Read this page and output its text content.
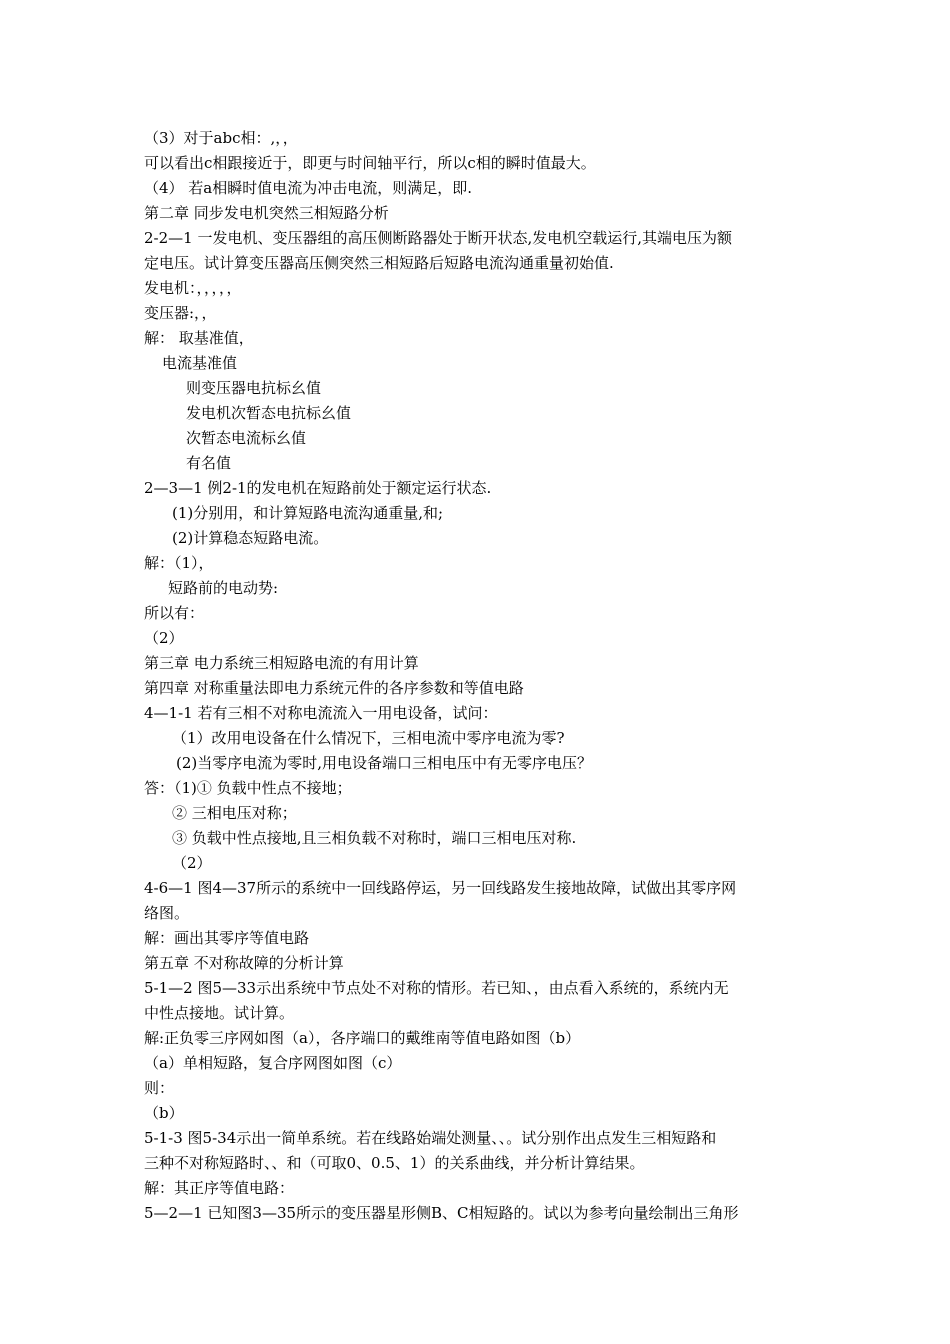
（3）对于abc相：,，，
可以看出c相跟接近于，即更与时间轴平行，所以c相的瞬时值最大。
（4） 若a相瞬时值电流为冲击电流，则满足，即.
第二章 同步发电机突然三相短路分析
2-2—1 一发电机、变压器组的高压侧断路器处于断开状态,发电机空载运行,其端电压为额
定电压。试计算变压器高压侧突然三相短路后短路电流沟通重量初始值.
发电机：，，，，，
变压器:，，
解： 取基准值，
电流基准值
则变压器电抗标幺值
发电机次暂态电抗标幺值
次暂态电流标幺值
有名值
2—3—1 例2-1的发电机在短路前处于额定运行状态.
(1)分别用，和计算短路电流沟通重量,和;
(2)计算稳态短路电流。
解：（1），
短路前的电动势:
所以有：
（2）
第三章 电力系统三相短路电流的有用计算
第四章 对称重量法即电力系统元件的各序参数和等值电路
4—1-1 若有三相不对称电流流入一用电设备，试问：
（1）改用电设备在什么情况下，三相电流中零序电流为零?
(2)当零序电流为零时,用电设备端口三相电压中有无零序电压？
答：（1)① 负载中性点不接地；
② 三相电压对称；
③ 负载中性点接地,且三相负载不对称时，端口三相电压对称.
（2）
4-6—1 图4—37所示的系统中一回线路停运，另一回线路发生接地故障，试做出其零序网
络图。
解：画出其零序等值电路
第五章 不对称故障的分析计算
5-1—2 图5—33示出系统中节点处不对称的情形。若已知、，由点看入系统的，系统内无
中性点接地。试计算。
解:正负零三序网如图（a），各序端口的戴维南等值电路如图（b）
（a）单相短路，复合序网图如图（c）
则：
（b）
5-1-3 图5-34示出一简单系统。若在线路始端处测量、、。试分别作出点发生三相短路和
三种不对称短路时、、和（可取0、0.5、1）的关系曲线，并分析计算结果。
解：其正序等值电路：
5—2—1 已知图3—35所示的变压器星形侧B、C相短路的。试以为参考向量绘制出三角形
